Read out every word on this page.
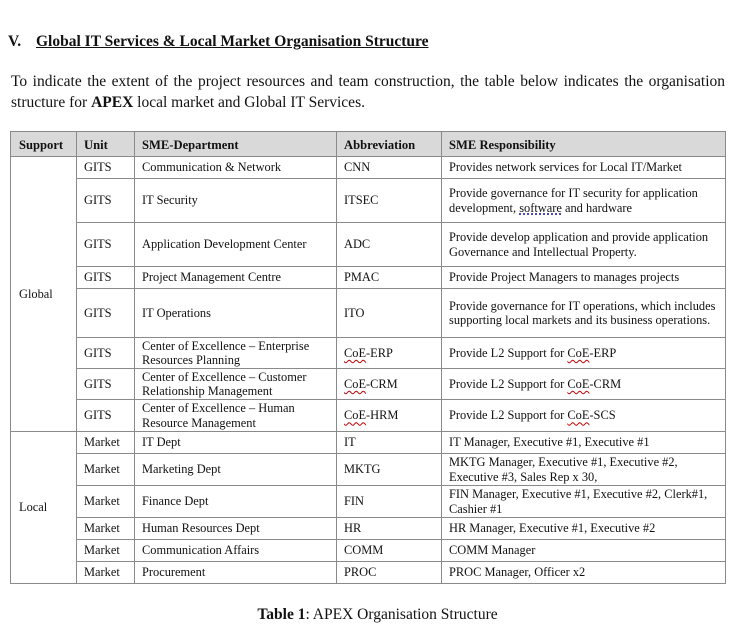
V. Global IT Services & Local Market Organisation Structure
To indicate the extent of the project resources and team construction, the table below indicates the organisation structure for APEX local market and Global IT Services.
Support	Unit	SME-Department	Abbreviation	SME Responsibility
Global	GITS	Communication & Network	CNN	Provides network services for Local IT/Market
	GITS	IT Security	ITSEC	Provide governance for IT security for application development, software and hardware
	GITS	Application Development Center	ADC	Provide develop application and provide application Governance and Intellectual Property.
	GITS	Project Management Centre	PMAC	Provide Project Managers to manages projects
	GITS	IT Operations	ITO	Provide governance for IT operations, which includes supporting local markets and its business operations.
	GITS	Center of Excellence – Enterprise Resources Planning	CoE-ERP	Provide L2 Support for CoE-ERP
	GITS	Center of Excellence – Customer Relationship Management	CoE-CRM	Provide L2 Support for CoE-CRM
	GITS	Center of Excellence – Human Resource Management	CoE-HRM	Provide L2 Support for CoE-SCS
Local	Market	IT Dept	IT	IT Manager, Executive #1, Executive #1
	Market	Marketing Dept	MKTG	MKTG Manager, Executive #1, Executive #2, Executive #3, Sales Rep x 30,
	Market	Finance Dept	FIN	FIN Manager, Executive #1, Executive #2, Clerk#1, Cashier #1
	Market	Human Resources Dept	HR	HR Manager, Executive #1, Executive #2
	Market	Communication Affairs	COMM	COMM Manager
	Market	Procurement	PROC	PROC Manager, Officer x2
Table 1: APEX Organisation Structure
